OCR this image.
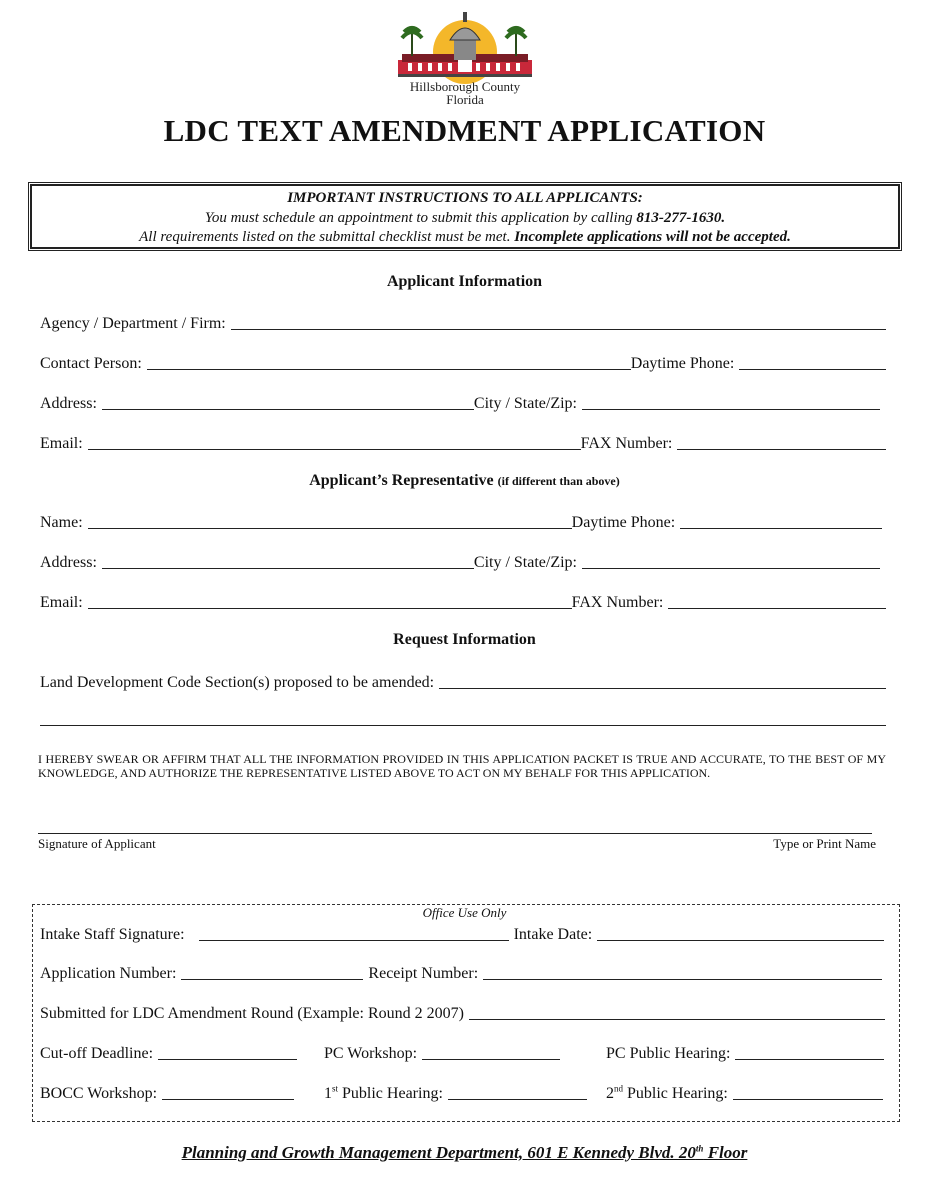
Hillsborough County
Florida
LDC TEXT AMENDMENT APPLICATION
IMPORTANT INSTRUCTIONS TO ALL APPLICANTS:
You must schedule an appointment to submit this application by calling 813-277-1630.
All requirements listed on the submittal checklist must be met. Incomplete applications will not be accepted.
Applicant Information
Agency / Department / Firm:
Contact Person:	Daytime Phone:
Address:	City / State/Zip:
Email:	FAX Number:
Applicant’s Representative (if different than above)
Name:	Daytime Phone:
Address:	City / State/Zip:
Email:	FAX Number:
Request Information
Land Development Code Section(s) proposed to be amended:
I HEREBY SWEAR OR AFFIRM THAT ALL THE INFORMATION PROVIDED IN THIS APPLICATION PACKET IS TRUE AND ACCURATE, TO THE BEST OF MY KNOWLEDGE, AND AUTHORIZE THE REPRESENTATIVE LISTED ABOVE TO ACT ON MY BEHALF FOR THIS APPLICATION.
Signature of Applicant	Type or Print Name
Office Use Only
Intake Staff Signature:	Intake Date:
Application Number:	Receipt Number:
Submitted for LDC Amendment Round (Example: Round 2 2007)
Cut-off Deadline:	PC Workshop:	PC Public Hearing:
BOCC Workshop:	1st Public Hearing:	2nd Public Hearing:
Planning and Growth Management Department, 601 E Kennedy Blvd. 20th Floor
